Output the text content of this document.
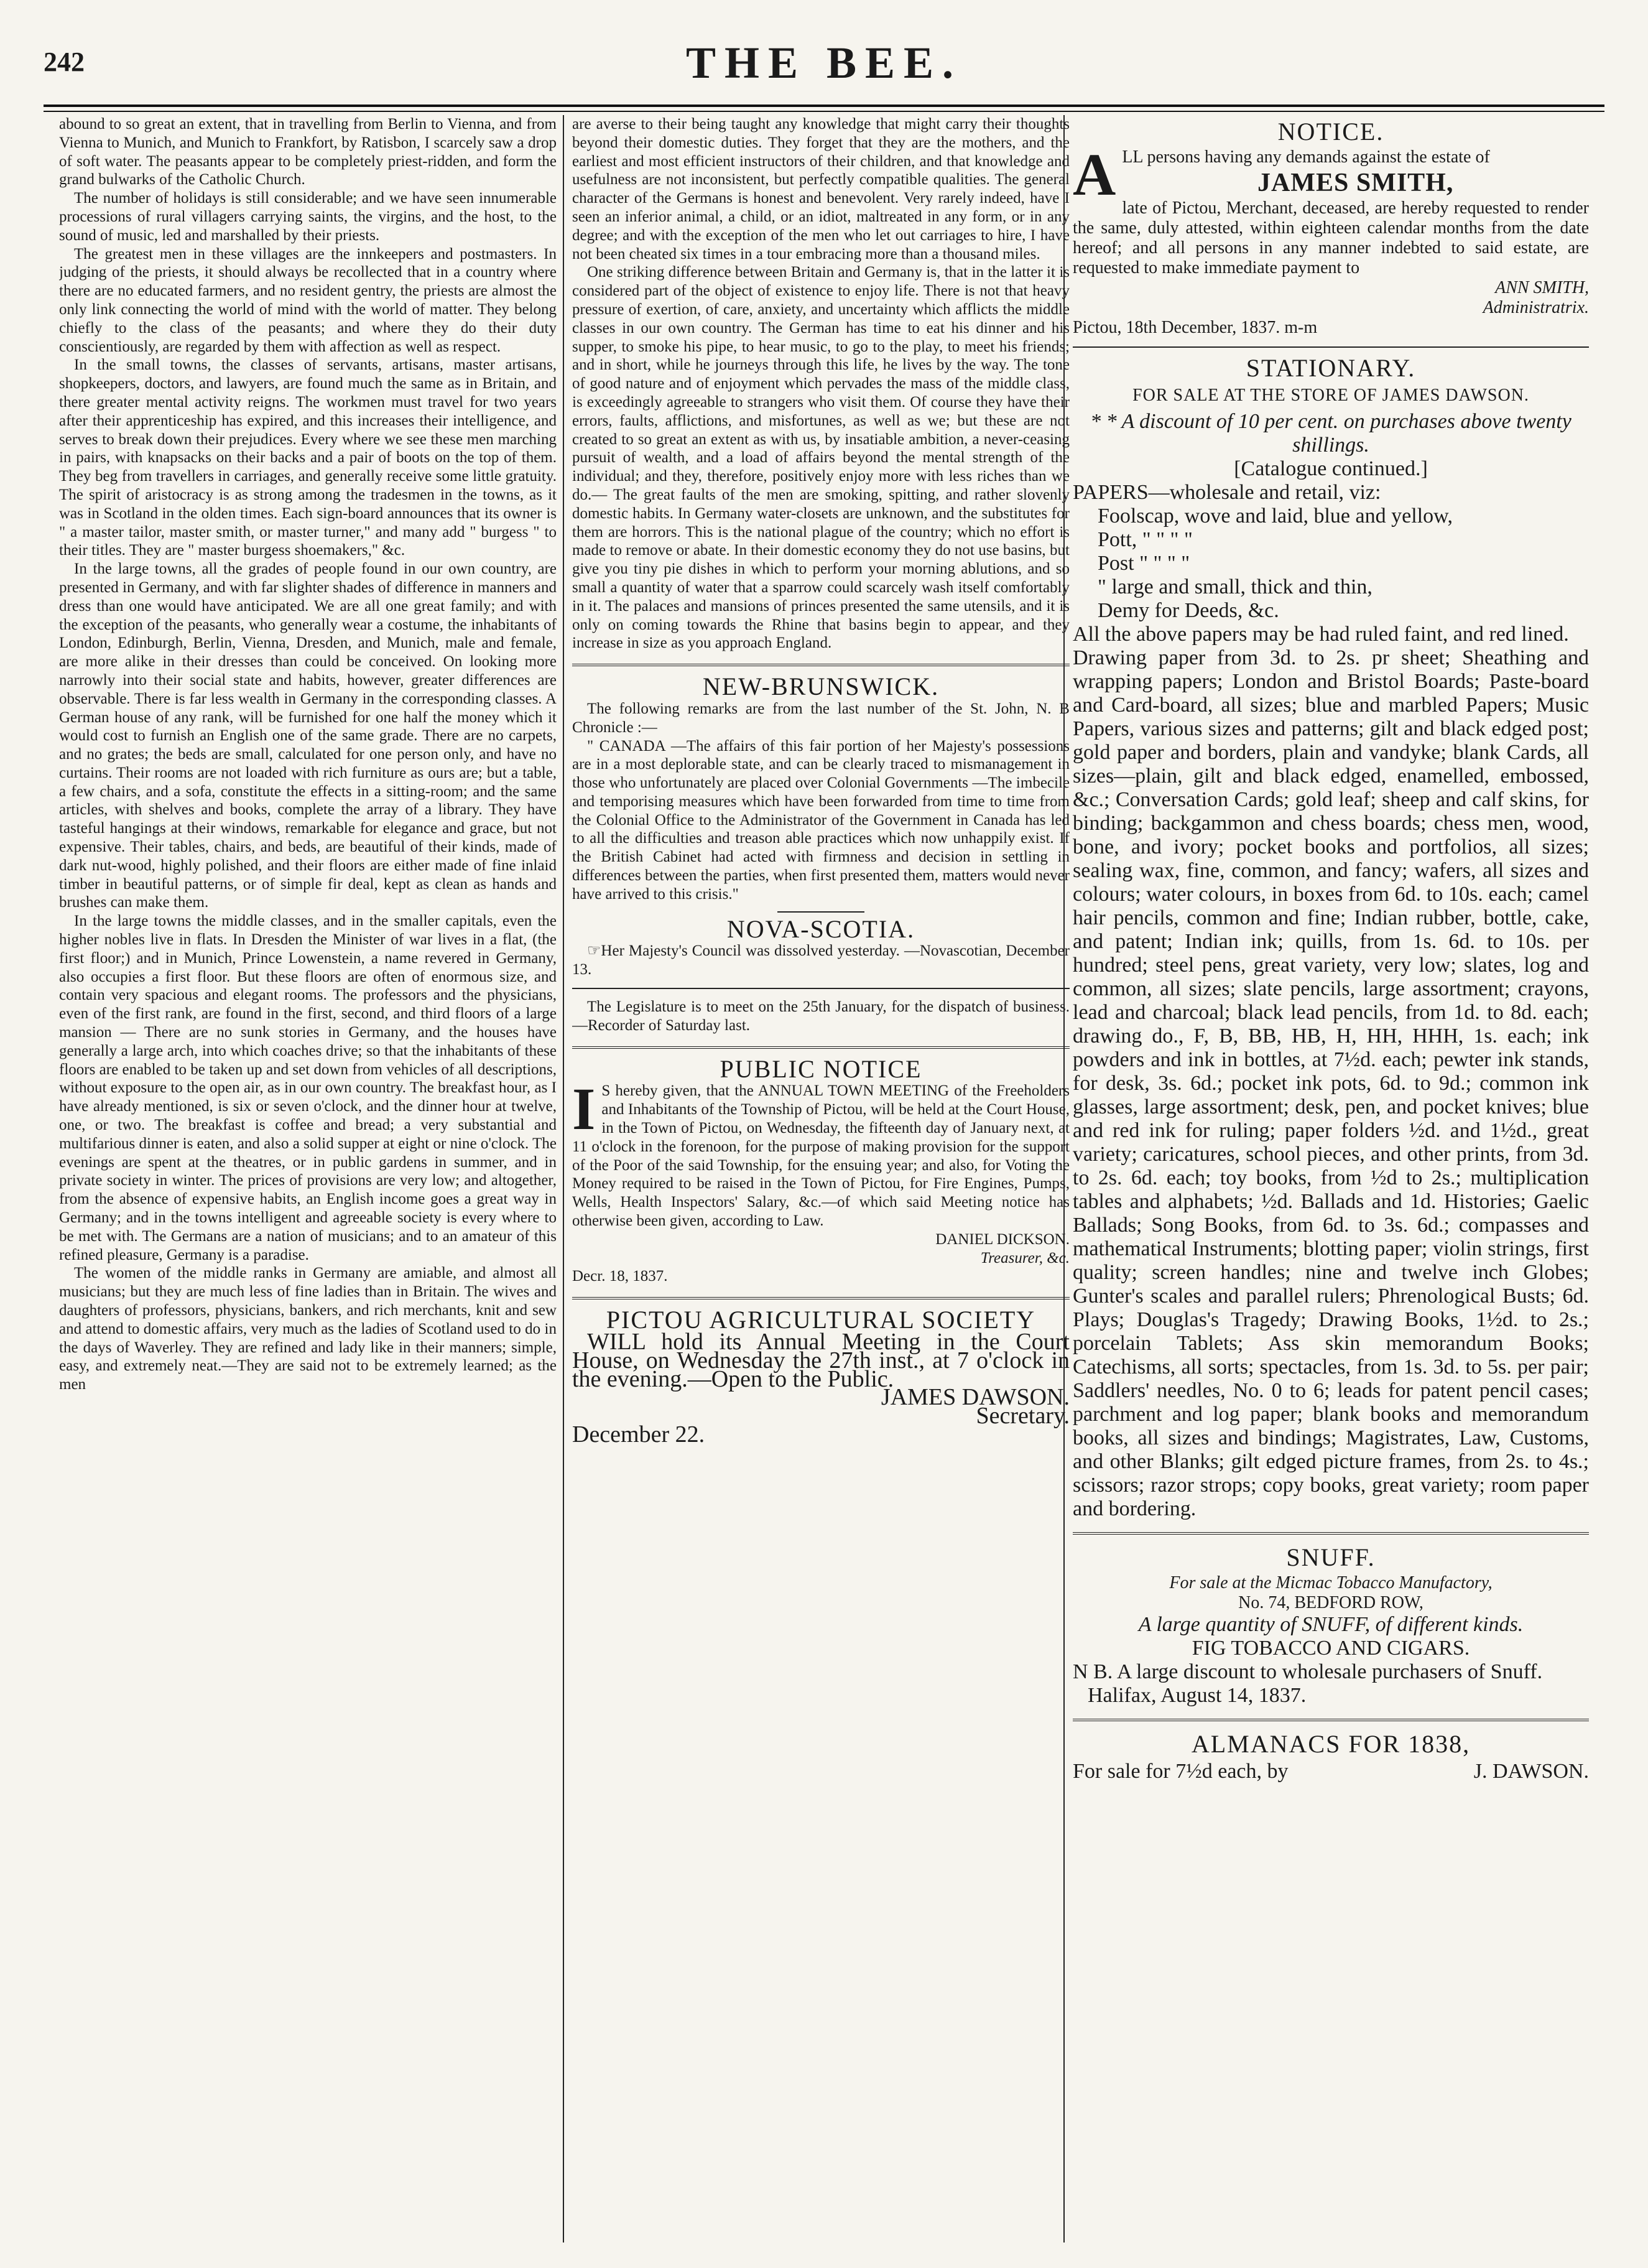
242	THE BEE.

abound to so great an extent, that in travelling from Berlin to Vienna, and from Vienna to Munich, and Munich to Frankfort, by Ratisbon, I scarcely saw a drop of soft water. The peasants appear to be completely priest-ridden, and form the grand bulwarks of the Catholic Church.

The number of holidays is still considerable; and we have seen innumerable processions of rural villagers carrying saints, the virgins, and the host, to the sound of music, led and marshalled by their priests.

The greatest men in these villages are the innkeepers and postmasters. In judging of the priests, it should always be recollected that in a country where there are no educated farmers, and no resident gentry, the priests are almost the only link connecting the world of mind with the world of matter. They belong chiefly to the class of the peasants; and where they do their duty conscientiously, are regarded by them with affection as well as respect.

In the small towns, the classes of servants, artisans, master artisans, shopkeepers, doctors, and lawyers, are found much the same as in Britain, and there greater mental activity reigns. The workmen must travel for two years after their apprenticeship has expired, and this increases their intelligence, and serves to break down their prejudices. Every where we see these men marching in pairs, with knapsacks on their backs and a pair of boots on the top of them. They beg from travellers in carriages, and generally receive some little gratuity. The spirit of aristocracy is as strong among the tradesmen in the towns, as it was in Scotland in the olden times. Each sign-board announces that its owner is " a master tailor, master smith, or master turner," and many add " burgess " to their titles. They are " master burgess shoemakers," &c.

In the large towns, all the grades of people found in our own country, are presented in Germany, and with far slighter shades of difference in manners and dress than one would have anticipated. We are all one great family; and with the exception of the peasants, who generally wear a costume, the inhabitants of London, Edinburgh, Berlin, Vienna, Dresden, and Munich, male and female, are more alike in their dresses than could be conceived. On looking more narrowly into their social state and habits, however, greater differences are observable. There is far less wealth in Germany in the corresponding classes. A German house of any rank, will be furnished for one half the money which it would cost to furnish an English one of the same grade. There are no carpets, and no grates; the beds are small, calculated for one person only, and have no curtains. Their rooms are not loaded with rich furniture as ours are; but a table, a few chairs, and a sofa, constitute the effects in a sitting-room; and the same articles, with shelves and books, complete the array of a library. They have tasteful hangings at their windows, remarkable for elegance and grace, but not expensive. Their tables, chairs, and beds, are beautiful of their kinds, made of dark nut-wood, highly polished, and their floors are either made of fine inlaid timber in beautiful patterns, or of simple fir deal, kept as clean as hands and brushes can make them.

In the large towns the middle classes, and in the smaller capitals, even the higher nobles live in flats. In Dresden the Minister of war lives in a flat, (the first floor;) and in Munich, Prince Lowenstein, a name revered in Germany, also occupies a first floor. But these floors are often of enormous size, and contain very spacious and elegant rooms. The professors and the physicians, even of the first rank, are found in the first, second, and third floors of a large mansion — There are no sunk stories in Germany, and the houses have generally a large arch, into which coaches drive; so that the inhabitants of these floors are enabled to be taken up and set down from vehicles of all descriptions, without exposure to the open air, as in our own country. The breakfast hour, as I have already mentioned, is six or seven o'clock, and the dinner hour at twelve, one, or two. The breakfast is coffee and bread; a very substantial and multifarious dinner is eaten, and also a solid supper at eight or nine o'clock. The evenings are spent at the theatres, or in public gardens in summer, and in private society in winter. The prices of provisions are very low; and altogether, from the absence of expensive habits, an English income goes a great way in Germany; and in the towns intelligent and agreeable society is every where to be met with. The Germans are a nation of musicians; and to an amateur of this refined pleasure, Germany is a paradise.

The women of the middle ranks in Germany are amiable, and almost all musicians; but they are much less of fine ladies than in Britain. The wives and daughters of professors, physicians, bankers, and rich merchants, knit and sew and attend to domestic affairs, very much as the ladies of Scotland used to do in the days of Waverley. They are refined and lady like in their manners; simple, easy, and extremely neat.—They are said not to be extremely learned; as the men

are averse to their being taught any knowledge that might carry their thoughts beyond their domestic duties. They forget that they are the mothers, and the earliest and most efficient instructors of their children, and that knowledge and usefulness are not inconsistent, but perfectly compatible qualities. The general character of the Germans is honest and benevolent. Very rarely indeed, have I seen an inferior animal, a child, or an idiot, maltreated in any form, or in any degree; and with the exception of the men who let out carriages to hire, I have not been cheated six times in a tour embracing more than a thousand miles.

One striking difference between Britain and Germany is, that in the latter it is considered part of the object of existence to enjoy life. There is not that heavy pressure of exertion, of care, anxiety, and uncertainty which afflicts the middle classes in our own country. The German has time to eat his dinner and his supper, to smoke his pipe, to hear music, to go to the play, to meet his friends; and in short, while he journeys through this life, he lives by the way. The tone of good nature and of enjoyment which pervades the mass of the middle class, is exceedingly agreeable to strangers who visit them. Of course they have their errors, faults, afflictions, and misfortunes, as well as we; but these are not created to so great an extent as with us, by insatiable ambition, a never-ceasing pursuit of wealth, and a load of affairs beyond the mental strength of the individual; and they, therefore, positively enjoy more with less riches than we do.— The great faults of the men are smoking, spitting, and rather slovenly domestic habits. In Germany water-closets are unknown, and the substitutes for them are horrors. This is the national plague of the country; which no effort is made to remove or abate. In their domestic economy they do not use basins, but give you tiny pie dishes in which to perform your morning ablutions, and so small a quantity of water that a sparrow could scarcely wash itself comfortably in it. The palaces and mansions of princes presented the same utensils, and it is only on coming towards the Rhine that basins begin to appear, and they increase in size as you approach England.

NEW-BRUNSWICK.

The following remarks are from the last number of the St. John, N. B Chronicle :—

" CANADA —The affairs of this fair portion of her Majesty's possessions are in a most deplorable state, and can be clearly traced to mismanagement in those who unfortunately are placed over Colonial Governments —The imbecile and temporising measures which have been forwarded from time to time from the Colonial Office to the Administrator of the Government in Canada has led to all the difficulties and treason able practices which now unhappily exist. If the British Cabinet had acted with firmness and decision in settling in differences between the parties, when first presented them, matters would never have arrived to this crisis."

NOVA-SCOTIA.

☞Her Majesty's Council was dissolved yesterday. —Novascotian, December 13.

The Legislature is to meet on the 25th January, for the dispatch of business.—Recorder of Saturday last.

PUBLIC NOTICE

I S hereby given, that the ANNUAL TOWN MEETING of the Freeholders and Inhabitants of the Township of Pictou, will be held at the Court House, in the Town of Pictou, on Wednesday, the fifteenth day of January next, at 11 o'clock in the forenoon, for the purpose of making provision for the support of the Poor of the said Township, for the ensuing year; and also, for Voting the Money required to be raised in the Town of Pictou, for Fire Engines, Pumps, Wells, Health Inspectors' Salary, &c.—of which said Meeting notice has otherwise been given, according to Law.

DANIEL DICKSON.

Treasurer, &c.

Decr. 18, 1837.

PICTOU AGRICULTURAL SOCIETY

WILL hold its Annual Meeting in the Court House, on Wednesday the 27th inst., at 7 o'clock in the evening.—Open to the Public.

JAMES DAWSON.

Secretary.

December 22.

NOTICE.

ALL persons having any demands against the estate of

JAMES SMITH,

late of Pictou, Merchant, deceased, are hereby requested to render the same, duly attested, within eighteen calendar months from the date hereof; and all persons in any manner indebted to said estate, are requested to make immediate payment to

ANN SMITH,

Administratrix.

Pictou, 18th December, 1837. m-m

STATIONARY.
FOR SALE AT THE STORE OF JAMES DAWSON.

* * A discount of 10 per cent. on purchases above twenty shillings.

[Catalogue continued.]

PAPERS—wholesale and retail, viz:

Foolscap, wove and laid, blue and yellow,

Pott, " " " "

Post " " " "

" large and small, thick and thin,

Demy for Deeds, &c.

All the above papers may be had ruled faint, and red lined.

Drawing paper from 3d. to 2s. pr sheet; Sheathing and wrapping papers; London and Bristol Boards; Paste-board and Card-board, all sizes; blue and marbled Papers; Music Papers, various sizes and patterns; gilt and black edged post; gold paper and borders, plain and vandyke; blank Cards, all sizes—plain, gilt and black edged, enamelled, embossed, &c.; Conversation Cards; gold leaf; sheep and calf skins, for binding; backgammon and chess boards; chess men, wood, bone, and ivory; pocket books and portfolios, all sizes; sealing wax, fine, common, and fancy; wafers, all sizes and colours; water colours, in boxes from 6d. to 10s. each; camel hair pencils, common and fine; Indian rubber, bottle, cake, and patent; Indian ink; quills, from 1s. 6d. to 10s. per hundred; steel pens, great variety, very low; slates, log and common, all sizes; slate pencils, large assortment; crayons, lead and charcoal; black lead pencils, from 1d. to 8d. each; drawing do., F, B, BB, HB, H, HH, HHH, 1s. each; ink powders and ink in bottles, at 7½d. each; pewter ink stands, for desk, 3s. 6d.; pocket ink pots, 6d. to 9d.; common ink glasses, large assortment; desk, pen, and pocket knives; blue and red ink for ruling; paper folders ½d. and 1½d., great variety; caricatures, school pieces, and other prints, from 3d. to 2s. 6d. each; toy books, from ½d to 2s.; multiplication tables and alphabets; ½d. Ballads and 1d. Histories; Gaelic Ballads; Song Books, from 6d. to 3s. 6d.; compasses and mathematical Instruments; blotting paper; violin strings, first quality; screen handles; nine and twelve inch Globes; Gunter's scales and parallel rulers; Phrenological Busts; 6d. Plays; Douglas's Tragedy; Drawing Books, 1½d. to 2s.; porcelain Tablets; Ass skin memorandum Books; Catechisms, all sorts; spectacles, from 1s. 3d. to 5s. per pair; Saddlers' needles, No. 0 to 6; leads for patent pencil cases; parchment and log paper; blank books and memorandum books, all sizes and bindings; Magistrates, Law, Customs, and other Blanks; gilt edged picture frames, from 2s. to 4s.; scissors; razor strops; copy books, great variety; room paper and bordering.

SNUFF.

For sale at the Micmac Tobacco Manufactory,

No. 74, BEDFORD ROW,

A large quantity of SNUFF, of different kinds.

FIG TOBACCO AND CIGARS.

N B. A large discount to wholesale purchasers of Snuff.

Halifax, August 14, 1837.

ALMANACS FOR 1838,

For sale for 7½d each, by	J. DAWSON.
